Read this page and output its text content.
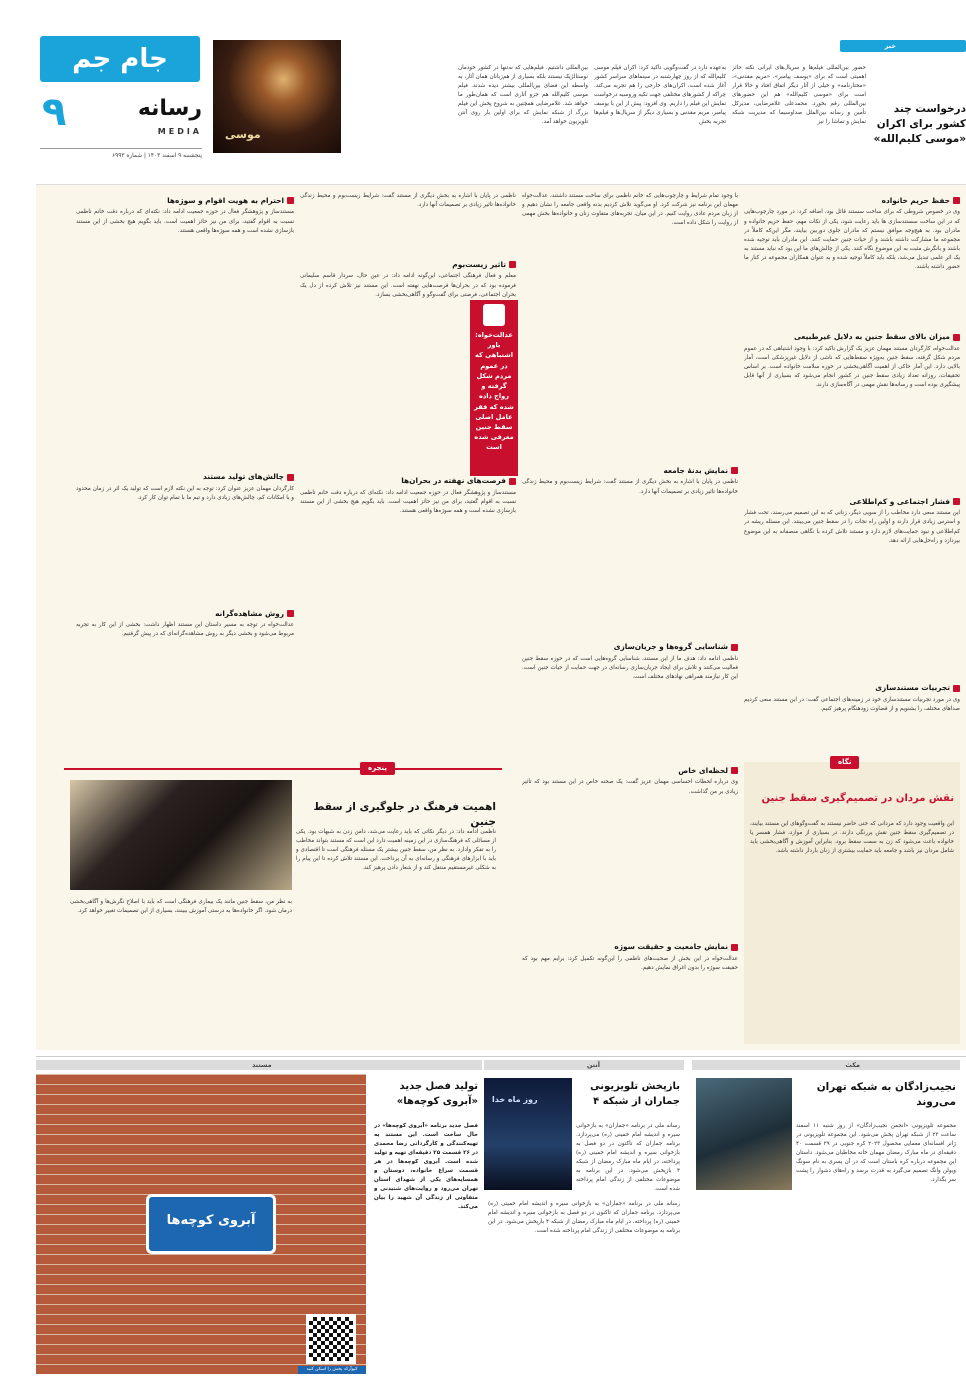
جام جم
رسانه
MEDIA
۹
پنجشنبه ۹ اسفند ۱۴۰۳ | شماره ۶۹۹۳
موسی
خبر
درخواست چند کشور برای اکران «موسی کلیم‌الله»
حضور بین‌المللی فیلم‌ها و سریال‌های ایرانی نکته حائز اهمیتی است که برای «یوسف پیامبر»، «مریم مقدس»، «مختارنامه» و خیلی از آثار دیگر اتفاق افتاد و حالا قرار است برای «موسی کلیم‌الله» هم این حضورهای بین‌المللی رقم بخورد. محمدعلی غلامرضایی، مدیرکل تأمین و رسانه بین‌الملل صداوسیما که مدیریت شبکه نمایش و تماشا را نیز
به‌عهده دارد در گفت‌وگویی تأکید کرد: اکران فیلم موسی کلیم‌الله که از روز چهارشنبه در سینماهای سراسر کشور آغاز شده است، اکران‌های خارجی را هم تجربه می‌کند. چراکه از کشورهای مختلفی جهت تکیه وروسیه درخواست نمایش این فیلم را داریم. وی افزود: پیش از این با یوسف پیامبر، مریم مقدس و بسیاری دیگر از سریال‌ها و فیلم‌ها تجربه بخش
بین‌المللی داشتیم. فیلم‌هایی که نه‌تنها در کشور خودمان نوستالژیک نیستند بلکه بسیاری از هم‌زبانان همان آثار، به واسطه این فضای بین‌المللی بیشتر دیده شدند. فیلم موسی کلیم‌الله هم جزو آثاری است که همان‌طور ما خواهد شد. غلامرضایی همچنین به شروع پخش این فیلم بزرگ از شبکه نمایش که برای اولین بار روی آنتن تلویزیون خواهد آمد.
حفظ حریم خانواده
وی در خصوص شروطی که برای ساخت سستند قائل بود، اضافه کرد: در مورد چارچوب‌هایی که در این ساخت سستند‌سازی ها باید رعایت شود، یکی از نکات مهم، حفظ حریم خانواده و مادران بود. به هیچ‌وجه موافق نیستم که مادران جلوی دوربین بیایند، مگر این‌که کاملاً در مجموعه ما مشارکت داشته باشند و از حیات جنین حمایت کنند. این مادران باید توجیه شده باشند و بانگرش مثبت به این موضوع نگاه کنند. یکی از چالش‌های ما این بود که نباید مستند به یک اثر علمی تبدیل می‌شد، بلکه باید کاملاً توجیه شده و به عنوان همکاران مجموعه در کنار ما حضور داشته باشند.
میزان بالای سقط جنین به دلایل غیرطبیعی
عدالت‌خواه، کارگردان مستند مهمان عزیز یک گزارش تاکید کرد: با وجود اشتباهی که در عموم مردم شکل گرفته، سقط جنین به‌ویژه سقط‌هایی که ناشی از دلایل غیرپزشکی است، آمار بالایی دارد. این آمار حاکی از اهمیت آگاهی‌بخشی در حوزه سلامت خانواده است. بر اساس تحقیقات، روزانه تعداد زیادی سقط جنین در کشور انجام می‌شود که بسیاری از آنها قابل پیشگیری بوده است و رسانه‌ها نقش مهمی در آگاه‌سازی دارند.
فشار اجتماعی و کم‌اطلاعی
این مستند سعی دارد مخاطب را از سویی دیگر، زنانی که به این تصمیم می‌رسند، تحت فشار و استرس زیادی قرار دارند و اولین راه نجات را در سقط جنین می‌بینند. این مسئله ریشه در کم‌اطلاعی و نبود حمایت‌های لازم دارد و مستند تلاش کرده با نگاهی منصفانه به این موضوع بپردازد و راه‌حل‌هایی ارائه دهد.
تجربیات مستندسازی
وی در مورد تجربیات مستندسازی خود در زمینه‌های اجتماعی گفت: در این مستند سعی کردیم صداهای مختلف را بشنویم و از قضاوت زودهنگام پرهیز کنیم.
با وجود تمام شرایط و چارچوب‌هایی که خانم ناظمی برای ساخت مستند داشتند، عدالت‌خواه مهمان این برنامه نیز شرکت کرد. او می‌گوید تلاش کردیم بدنه واقعی جامعه را نشان دهیم و از زبان مردم عادی روایت کنیم. در این میان، تجربه‌های متفاوت زنان و خانواده‌ها بخش مهمی از روایت را شکل داده است.
نمایش بدنهٔ جامعه
ناظمی در پایان با اشاره به بخش دیگری از مستند گفت: شرایط زیست‌بوم و محیط زندگی خانواده‌ها تاثیر زیادی بر تصمیمات آنها دارد.
شناسایی گروه‌ها و جریان‌سازی
ناظمی ادامه داد: هدف ما از این مستند، شناسایی گروه‌هایی است که در حوزه سقط جنین فعالیت می‌کنند و تلاش برای ایجاد جریان‌سازی رسانه‌ای در جهت حمایت از حیات جنین است. این کار نیازمند همراهی نهادهای مختلف است.
عدالت‌خواه: باور اشتباهی که در عموم مردم شکل گرفته و رواج داده شده که فقر عامل اصلی سقط جنین معرفی شده است
ناظمی در پایان با اشاره به بخش دیگری از مستند گفت: شرایط زیست‌بوم و محیط زندگی خانواده‌ها تاثیر زیادی بر تصمیمات آنها دارد.
تاثیر زیست‌بوم
معلم و فعال فرهنگی اجتماعی، این‌گونه ادامه داد: در عین حال، سردار قاسم سلیمانی فرموده بود که در بحران‌ها فرصت‌هایی نهفته است. این مستند نیز تلاش کرده از دل یک بحران اجتماعی، فرصتی برای گفت‌وگو و آگاهی‌بخشی بسازد.
فرصت‌های نهفته در بحران‌ها
مستندساز و پژوهشگر فعال در حوزه جمعیت ادامه داد: نکته‌ای که درباره دقت خانم ناظمی نسبت به اقوام گفتید، برای من نیز حائز اهمیت است. باید بگویم هیچ بخشی از این مستند بازسازی نشده است و همه سوژه‌ها واقعی هستند.
احترام به هویت اقوام و سوژه‌ها
مستندساز و پژوهشگر فعال در حوزه جمعیت ادامه داد: نکته‌ای که درباره دقت خانم ناظمی نسبت به اقوام گفتید، برای من نیز حائز اهمیت است. باید بگویم هیچ بخشی از این مستند بازسازی نشده است و همه سوژه‌ها واقعی هستند.
چالش‌های تولید مستند
کارگردان مهمان عزیز عنوان کرد: توجه به این نکته لازم است که تولید یک اثر در زمان محدود و با امکانات کم، چالش‌های زیادی دارد و تیم ما با تمام توان کار کرد.
روش مشاهده‌گرانه
عدالت‌خواه در توجه به مسیر داستان این مستند اظهار داشت: بخشی از این کار به تجربه مربوط می‌شود و بخشی دیگر به روش مشاهده‌گرانه‌ای که در پیش گرفتیم.
نگاه
نقش مردان در تصمیم‌گیری سقط جنین
این واقعیت وجود دارد که مردانی که حتی حاضر نیستند به گفت‌وگوهای این مستند بیایند، در تصمیم‌گیری سقط جنین نقش پررنگی دارند. در بسیاری از موارد، فشار همسر یا خانواده باعث می‌شود که زن به سمت سقط برود. بنابراین آموزش و آگاهی‌بخشی باید شامل مردان نیز باشد و جامعه باید حمایت بیشتری از زنان باردار داشته باشد.
لحظه‌ای خاص
وی درباره لحظات احساسی مهمان عزیز گفت: یک صحنه خاص در این مستند بود که تأثیر زیادی بر من گذاشت.
نمایش جامعیت و حقیقت سوژه
عدالت‌خواه در این بخش از صحبت‌های ناظمی را این‌گونه تکمیل کرد: برایم مهم بود که حقیقت سوژه را بدون اغراق نمایش دهیم.
پنجره
اهمیت فرهنگ در جلوگیری از سقط جنین
ناظمی ادامه داد: در دیگر نکاتی که باید رعایت می‌شد، دامن زدن به شبهات بود. یکی از مسائلی که فرهنگ‌سازی در این زمینه اهمیت دارد این است که مستند بتواند مخاطب را به تفکر وادارد. به نظر من، سقط جنین بیشتر یک مسئله فرهنگی است تا اقتصادی و باید با ابزارهای فرهنگی و رسانه‌ای به آن پرداخت. این مستند تلاش کرده تا این پیام را به شکلی غیرمستقیم منتقل کند و از شعار دادن پرهیز کند.
به نظر من، سقط جنین مانند یک بیماری فرهنگی است که باید با اصلاح نگرش‌ها و آگاهی‌بخشی درمان شود. اگر خانواده‌ها به درستی آموزش ببینند، بسیاری از این تصمیمات تغییر خواهد کرد.
مکث
نجیب‌زادگان به شبکه تهران می‌روند
مجموعه تلویزیونی «انجمن نجیب‌زادگان» از روز شنبه ۱۱ اسفند ساعت ۲۳ از شبکه تهران پخش می‌شود. این مجموعه تلویزیونی در ژانر افسانه‌ای معمایی محصول ۲۰۲۳ کره جنوبی در ۲۹ قسمت ۴۰ دقیقه‌ای در ماه مبارک رمضان مهمان خانه مخاطبان می‌شود. داستان این مجموعه درباره کره باستان است که در آن پسری به نام سونگ وبولن وانگ تصمیم می‌گیرد به قدرت برسد و راه‌های دشوار را پشت سر بگذارد.
آنتن
روز ماه خدا
بازپخش تلویزیونی جماران از شبکه ۴
رسانه ملی در برنامه «جماران» به بازخوانی سیره و اندیشه امام خمینی (ره) می‌پردازد. برنامه جماران که تاکنون در دو فصل به بازخوانی سیره و اندیشه امام خمینی (ره) پرداخته، در ایام ماه مبارک رمضان از شبکه ۴ بازپخش می‌شود. در این برنامه به موضوعات مختلفی از زندگی امام پرداخته شده است.
رسانه ملی در برنامه «جماران» به بازخوانی سیره و اندیشه امام خمینی (ره) می‌پردازد. برنامه جماران که تاکنون در دو فصل به بازخوانی سیره و اندیشه امام خمینی (ره) پرداخته، در ایام ماه مبارک رمضان از شبکه ۴ بازپخش می‌شود. در این برنامه به موضوعات مختلفی از زندگی امام پرداخته شده است.
مستند
آبروی کوچه‌ها
کیوآرکد پخش را اسکن کنید
تولید فصل جدید «آبروی کوچه‌ها»
فصل جدید برنامه «آبروی کوچه‌ها» در حال ساخت است. این مستند به تهیه‌کنندگی و کارگردانی رضا محمدی در ۲۶ قسمت ۲۵ دقیقه‌ای تهیه و تولید شده است. آبروی کوچه‌ها در هر قسمت سراغ خانواده، دوستان و همسایه‌های یکی از شهدای استان تهران می‌رود و روایت‌های شنیدنی و متفاوتی از زندگی آن شهید را بیان می‌کند.
